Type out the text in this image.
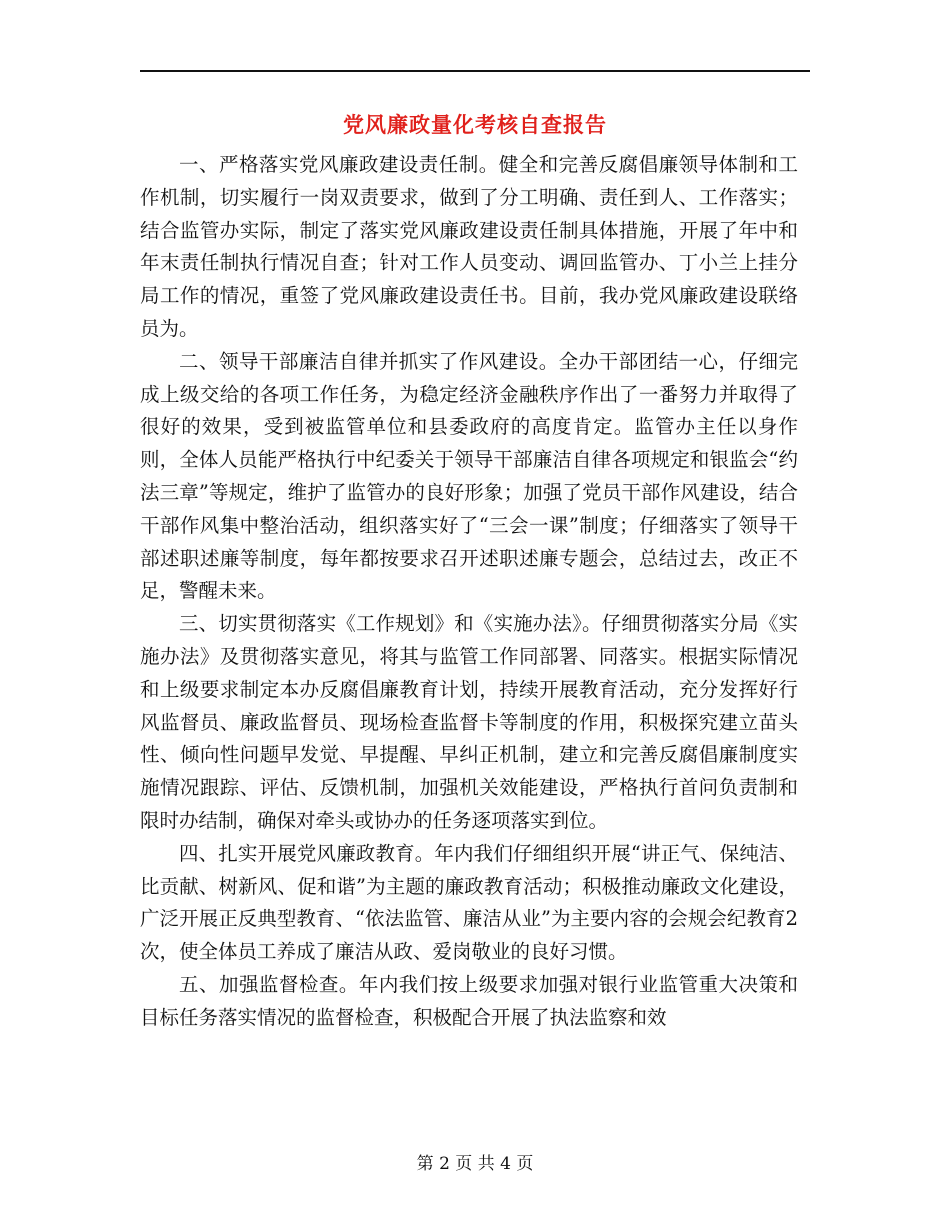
党风廉政量化考核自查报告

一、严格落实党风廉政建设责任制。健全和完善反腐倡廉领导体制和工作机制，切实履行一岗双责要求，做到了分工明确、责任到人、工作落实；结合监管办实际，制定了落实党风廉政建设责任制具体措施，开展了年中和年末责任制执行情况自查；针对工作人员变动、调回监管办、丁小兰上挂分局工作的情况，重签了党风廉政建设责任书。目前，我办党风廉政建设联络员为。

二、领导干部廉洁自律并抓实了作风建设。全办干部团结一心，仔细完成上级交给的各项工作任务，为稳定经济金融秩序作出了一番努力并取得了很好的效果，受到被监管单位和县委政府的高度肯定。监管办主任以身作则，全体人员能严格执行中纪委关于领导干部廉洁自律各项规定和银监会“约法三章”等规定，维护了监管办的良好形象；加强了党员干部作风建设，结合干部作风集中整治活动，组织落实好了“三会一课”制度；仔细落实了领导干部述职述廉等制度，每年都按要求召开述职述廉专题会，总结过去，改正不足，警醒未来。

三、切实贯彻落实《工作规划》和《实施办法》。仔细贯彻落实分局《实施办法》及贯彻落实意见，将其与监管工作同部署、同落实。根据实际情况和上级要求制定本办反腐倡廉教育计划，持续开展教育活动，充分发挥好行风监督员、廉政监督员、现场检查监督卡等制度的作用，积极探究建立苗头性、倾向性问题早发觉、早提醒、早纠正机制，建立和完善反腐倡廉制度实施情况跟踪、评估、反馈机制，加强机关效能建设，严格执行首问负责制和限时办结制，确保对牵头或协办的任务逐项落实到位。

四、扎实开展党风廉政教育。年内我们仔细组织开展“讲正气、保纯洁、比贡献、树新风、促和谐”为主题的廉政教育活动；积极推动廉政文化建设，广泛开展正反典型教育、“依法监管、廉洁从业”为主要内容的会规会纪教育2次，使全体员工养成了廉洁从政、爱岗敬业的良好习惯。

五、加强监督检查。年内我们按上级要求加强对银行业监管重大决策和目标任务落实情况的监督检查，积极配合开展了执法监察和效

第 2 页 共 4 页
